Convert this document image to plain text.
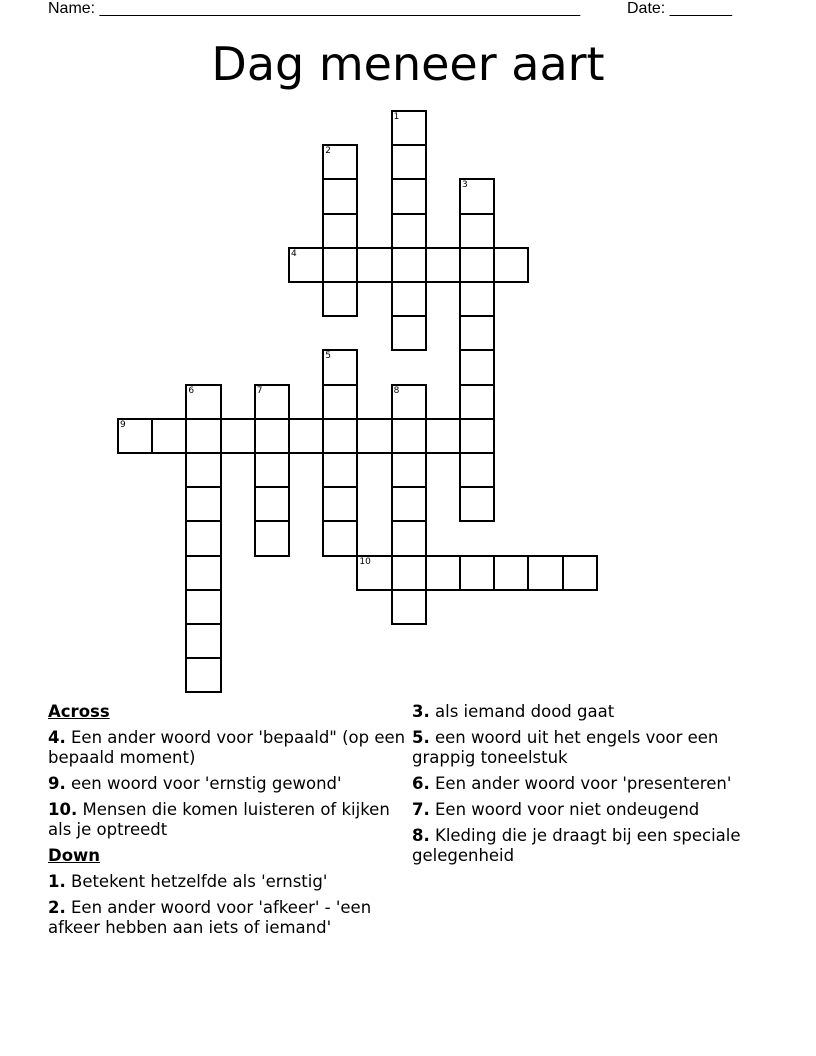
Name: ______________________________________________________	Date: _______
Dag meneer aart
1
2
3
4
5
6	7	8
9
10
Across
4. Een ander woord voor 'bepaald" (op een bepaald moment)
9. een woord voor 'ernstig gewond'
10. Mensen die komen luisteren of kijken als je optreedt
Down
1. Betekent hetzelfde als 'ernstig'
2. Een ander woord voor 'afkeer' - 'een afkeer hebben aan iets of iemand'
3. als iemand dood gaat
5. een woord uit het engels voor een grappig toneelstuk
6. Een ander woord voor 'presenteren'
7. Een woord voor niet ondeugend
8. Kleding die je draagt bij een speciale gelegenheid
